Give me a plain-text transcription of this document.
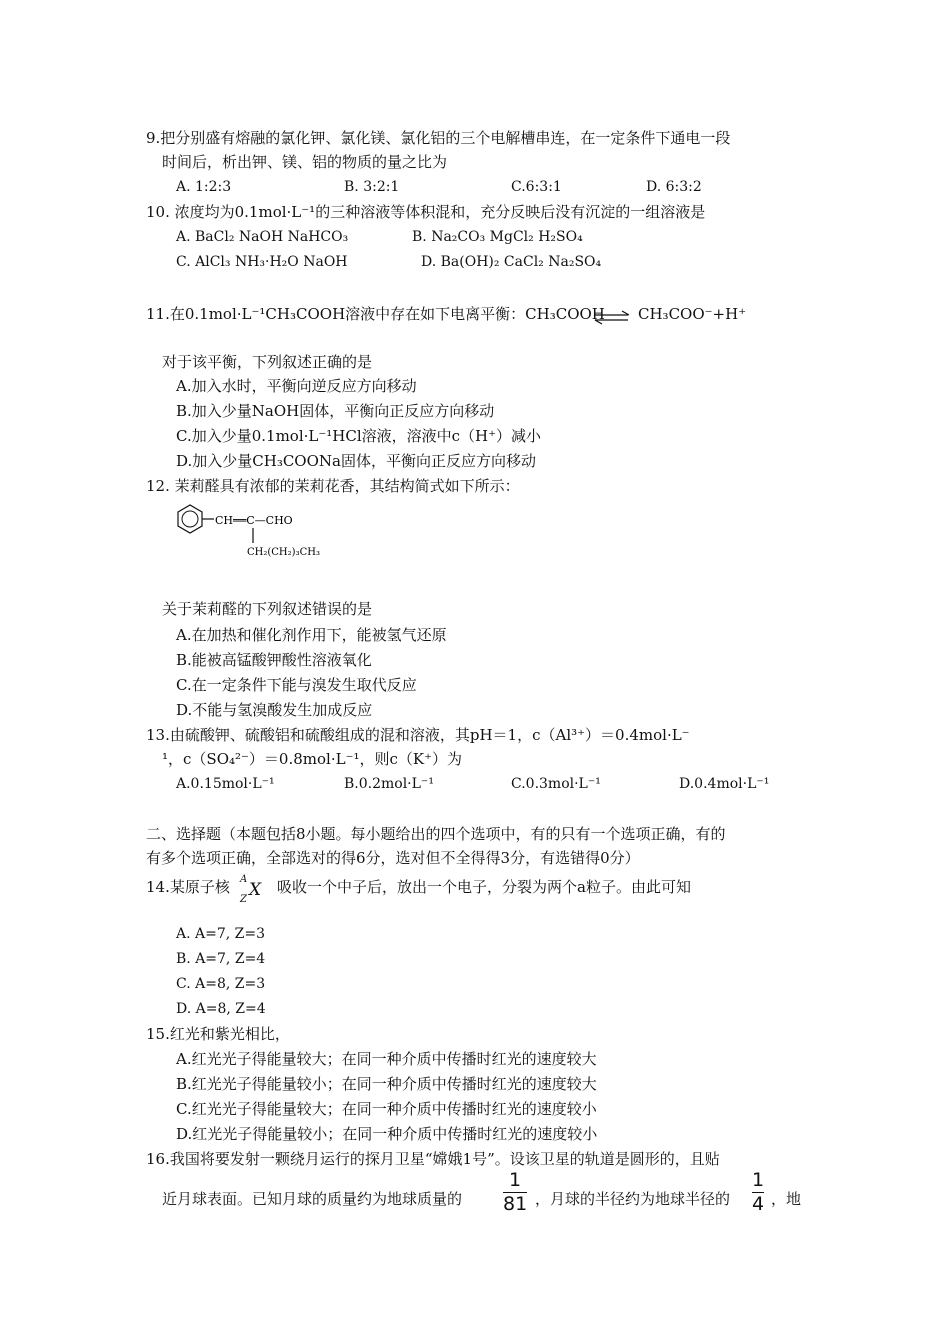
9.把分别盛有熔融的氯化钾、氯化镁、氯化铝的三个电解槽串连，在一定条件下通电一段
时间后，析出钾、镁、铝的物质的量之比为
A. 1:2:3	B. 3:2:1	C.6:3:1	D. 6:3:2
10. 浓度均为0.1mol·L⁻¹的三种溶液等体积混和，充分反映后没有沉淀的一组溶液是
A. BaCl₂ NaOH NaHCO₃	B. Na₂CO₃ MgCl₂ H₂SO₄
C. AlCl₃ NH₃·H₂O NaOH	D. Ba(OH)₂ CaCl₂ Na₂SO₄
11.在0.1mol·L⁻¹CH₃COOH溶液中存在如下电离平衡：CH₃COOH ⇌ CH₃COO⁻+H⁺
对于该平衡，下列叙述正确的是
A.加入水时，平衡向逆反应方向移动
B.加入少量NaOH固体，平衡向正反应方向移动
C.加入少量0.1mol·L⁻¹HCl溶液，溶液中c（H⁺）减小
D.加入少量CH₃COONa固体，平衡向正反应方向移动
12. 茉莉醛具有浓郁的茉莉花香，其结构简式如下所示：
CH══C—CHO
CH₂(CH₂)₃CH₃
关于茉莉醛的下列叙述错误的是
A.在加热和催化剂作用下，能被氢气还原
B.能被高锰酸钾酸性溶液氧化
C.在一定条件下能与溴发生取代反应
D.不能与氢溴酸发生加成反应
13.由硫酸钾、硫酸铝和硫酸组成的混和溶液，其pH＝1，c（Al³⁺）＝0.4mol·L⁻
¹，c（SO₄²⁻）＝0.8mol·L⁻¹，则c（K⁺）为
A.0.15mol·L⁻¹	B.0.2mol·L⁻¹	C.0.3mol·L⁻¹	D.0.4mol·L⁻¹
二、选择题（本题包括8小题。每小题给出的四个选项中，有的只有一个选项正确，有的
有多个选项正确，全部选对的得6分，选对但不全得得3分，有选错得0分）
14.某原子核 A
Z X 吸收一个中子后，放出一个电子，分裂为两个a粒子。由此可知
A. A=7, Z=3
B. A=7, Z=4
C. A=8, Z=3
D. A=8, Z=4
15.红光和紫光相比，
A.红光光子得能量较大；在同一种介质中传播时红光的速度较大
B.红光光子得能量较小；在同一种介质中传播时红光的速度较大
C.红光光子得能量较大；在同一种介质中传播时红光的速度较小
D.红光光子得能量较小；在同一种介质中传播时红光的速度较小
16.我国将要发射一颗绕月运行的探月卫星“嫦娥1号”。设该卫星的轨道是圆形的，且贴
近月球表面。已知月球的质量约为地球质量的
1
81 ，月球的半径约为地球半径的
1
4 ，地
